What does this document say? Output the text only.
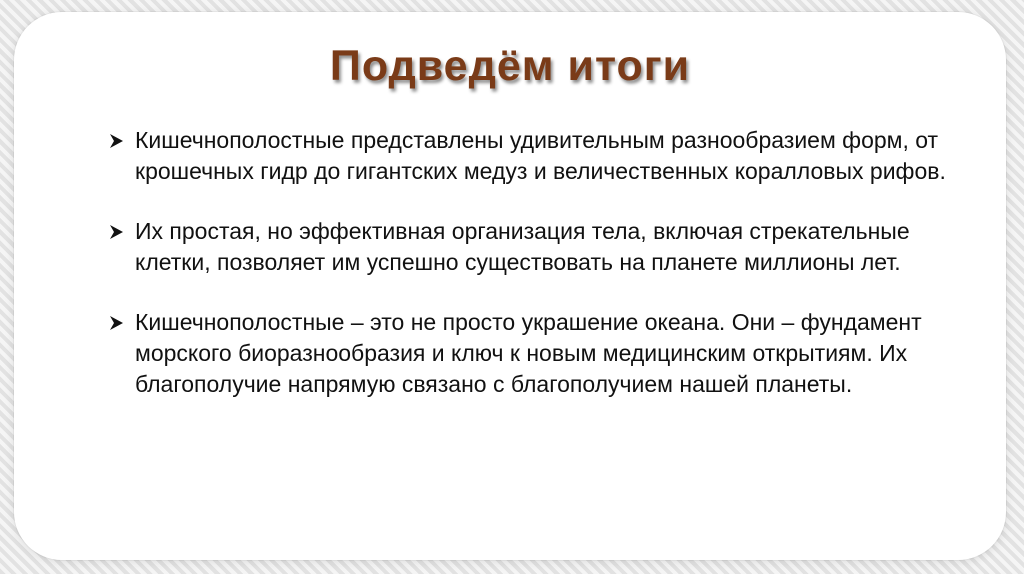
Подведём итоги
Кишечнополостные представлены удивительным разнообразием форм, от крошечных гидр до гигантских медуз и величественных коралловых рифов.
Их простая, но эффективная организация тела, включая стрекательные клетки, позволяет им успешно существовать на планете миллионы лет.
Кишечнополостные – это не просто украшение океана. Они – фундамент морского биоразнообразия и ключ к новым медицинским открытиям. Их благополучие напрямую связано с благополучием нашей планеты.
